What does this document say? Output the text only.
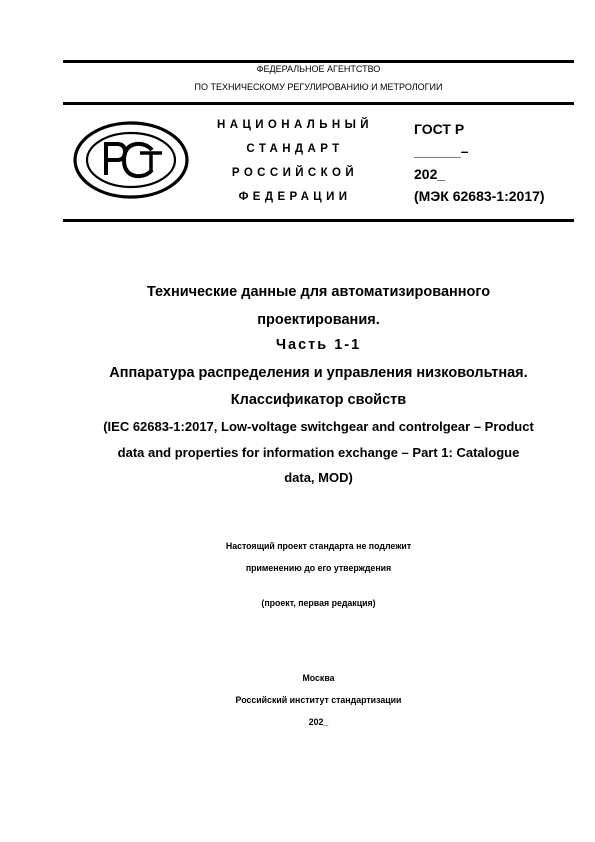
ФЕДЕРАЛЬНОЕ АГЕНТСТВО
ПО ТЕХНИЧЕСКОМУ РЕГУЛИРОВАНИЮ И МЕТРОЛОГИИ
НАЦИОНАЛЬНЫЙ
СТАНДАРТ
РОССИЙСКОЙ
ФЕДЕРАЦИИ
ГОСТ Р
______–
202_
(МЭК 62683-1:2017)
Технические данные для автоматизированного
проектирования.
Часть 1-1
Аппаратура распределения и управления низковольтная.
Классификатор свойств
(IEC 62683-1:2017, Low-voltage switchgear and controlgear – Product
data and properties for information exchange – Part 1: Catalogue
data, MOD)
Настоящий проект стандарта не подлежит
применению до его утверждения
(проект, первая редакция)
Москва
Российский институт стандартизации
202_
